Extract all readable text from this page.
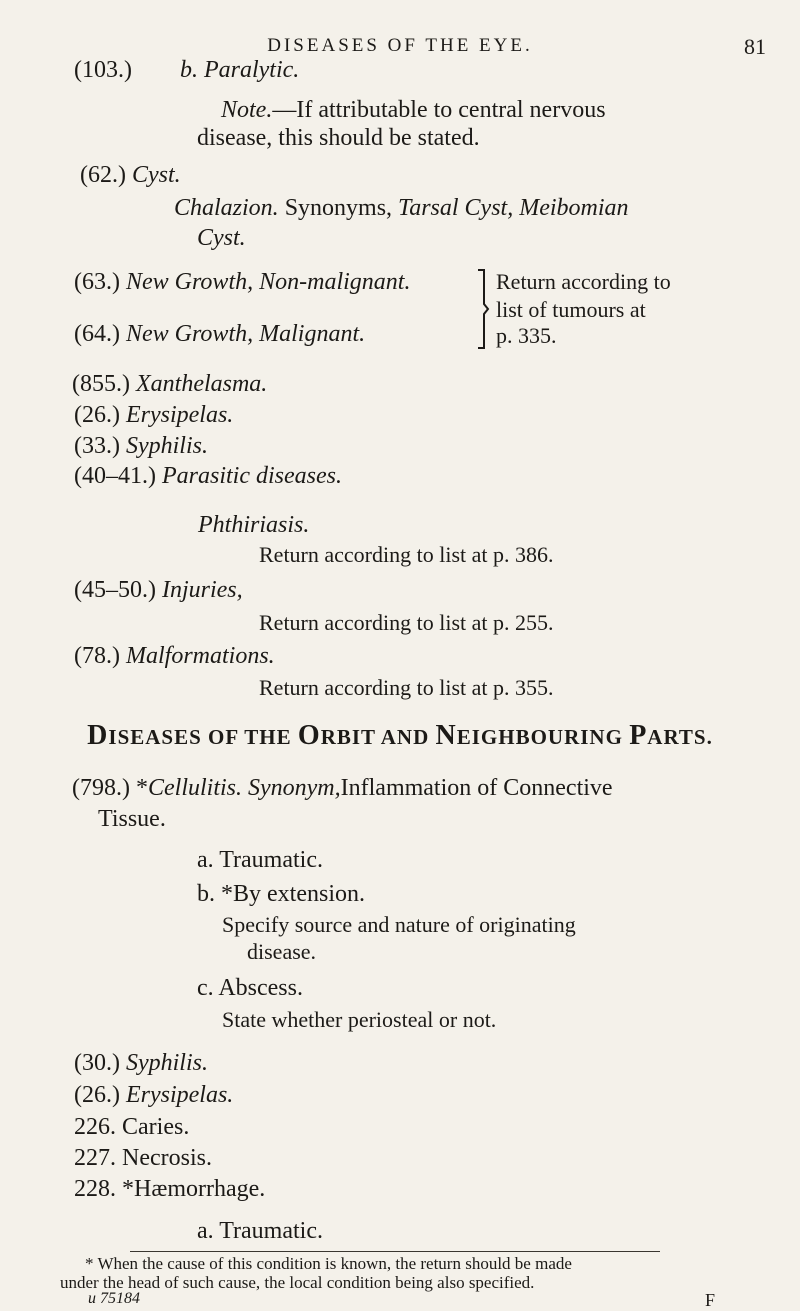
DISEASES OF THE EYE.	81
(103.) b. Paralytic.
Note.—If attributable to central nervous
disease, this should be stated.
(62.) Cyst.
Chalazion. Synonyms, Tarsal Cyst, Meibomian
Cyst.
(63.) New Growth, Non-malignant.
(64.) New Growth, Malignant.
Return according to
list of tumours at
p. 335.
(855.) Xanthelasma.
(26.) Erysipelas.
(33.) Syphilis.
(40–41.) Parasitic diseases.
Phthiriasis.
Return according to list at p. 386.
(45–50.) Injuries,
Return according to list at p. 255.
(78.) Malformations.
Return according to list at p. 355.
DISEASES OF THE ORBIT AND NEIGHBOURING PARTS.
(798.) *Cellulitis. Synonym,Inflammation of Connective
Tissue.
a. Traumatic.
b. *By extension.
Specify source and nature of originating
disease.
c. Abscess.
State whether periosteal or not.
(30.) Syphilis.
(26.) Erysipelas.
226. Caries.
227. Necrosis.
228. *Hæmorrhage.
a. Traumatic.
* When the cause of this condition is known, the return should be made
under the head of such cause, the local condition being also specified.
u 75184	F
